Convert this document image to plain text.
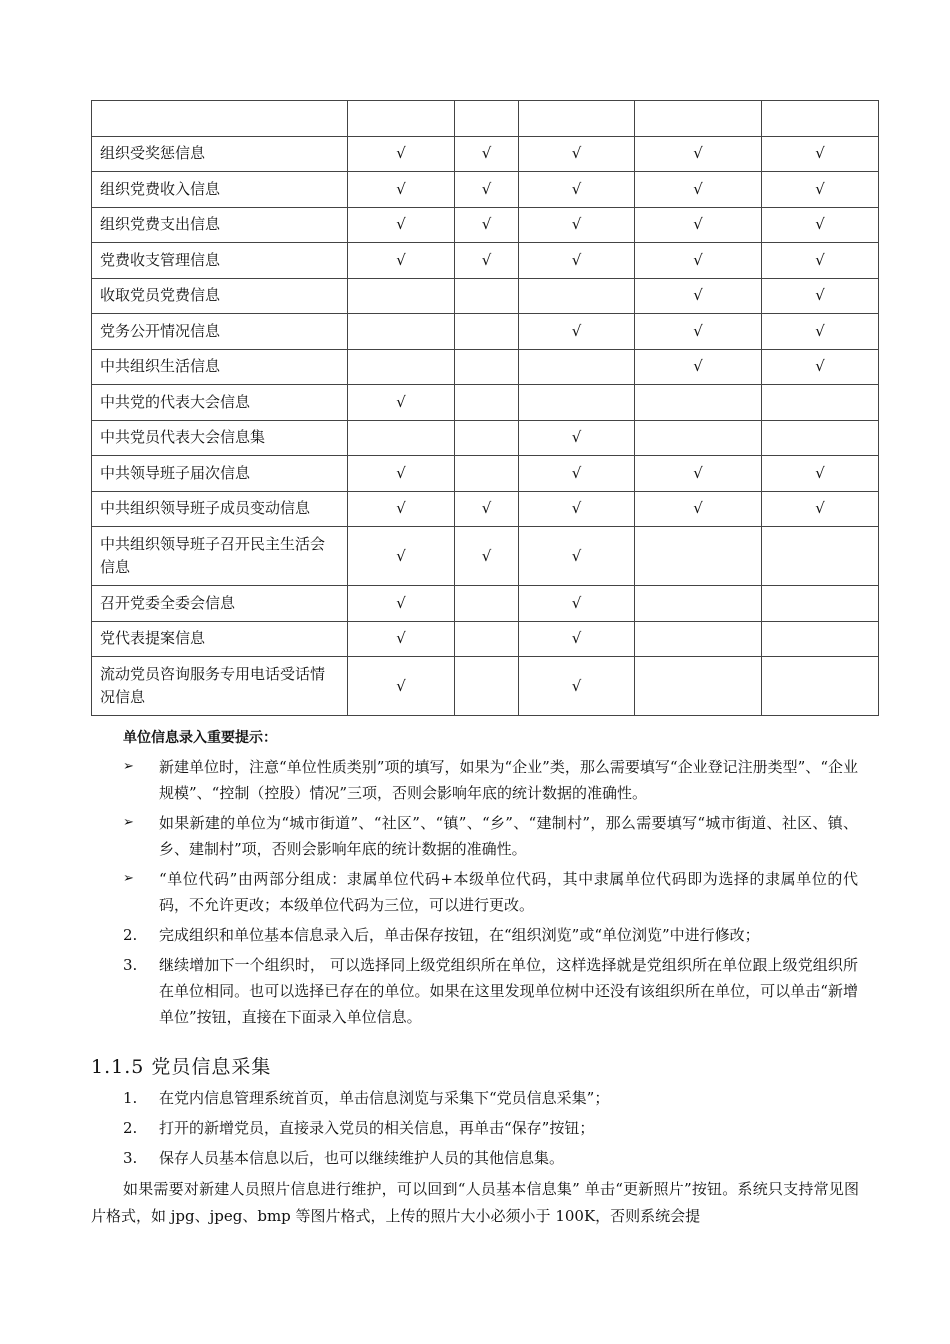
组织受奖惩信息	√	√	√	√	√
组织党费收入信息	√	√	√	√	√
组织党费支出信息	√	√	√	√	√
党费收支管理信息	√	√	√	√	√
收取党员党费信息				√	√
党务公开情况信息			√	√	√
中共组织生活信息				√	√
中共党的代表大会信息	√				
中共党员代表大会信息集			√		
中共领导班子届次信息	√		√	√	√
中共组织领导班子成员变动信息	√	√	√	√	√
中共组织领导班子召开民主生活会信息	√	√	√		
召开党委全委会信息	√		√		
党代表提案信息	√		√		
流动党员咨询服务专用电话受话情况信息	√		√		
单位信息录入重要提示：
➢ 新建单位时，注意“单位性质类别”项的填写，如果为“企业”类，那么需要填写“企业登记注册类型”、“企业规模”、“控制（控股）情况”三项，否则会影响年底的统计数据的准确性。
➢ 如果新建的单位为“城市街道”、“社区”、“镇”、“乡”、“建制村”，那么需要填写“城市街道、社区、镇、乡、建制村”项，否则会影响年底的统计数据的准确性。
➢ “单位代码”由两部分组成：隶属单位代码+本级单位代码，其中隶属单位代码即为选择的隶属单位的代码，不允许更改；本级单位代码为三位，可以进行更改。
2. 完成组织和单位基本信息录入后，单击保存按钮，在“组织浏览”或“单位浏览”中进行修改；
3. 继续增加下一个组织时， 可以选择同上级党组织所在单位，这样选择就是党组织所在单位跟上级党组织所在单位相同。也可以选择已存在的单位。如果在这里发现单位树中还没有该组织所在单位，可以单击“新增单位”按钮，直接在下面录入单位信息。
1.1.5 党员信息采集
1. 在党内信息管理系统首页，单击信息浏览与采集下“党员信息采集”；
2. 打开的新增党员，直接录入党员的相关信息，再单击“保存”按钮；
3. 保存人员基本信息以后，也可以继续维护人员的其他信息集。
如果需要对新建人员照片信息进行维护，可以回到“人员基本信息集” 单击“更新照片”按钮。系统只支持常见图片格式，如 jpg、jpeg、bmp 等图片格式，上传的照片大小必须小于 100K，否则系统会提
